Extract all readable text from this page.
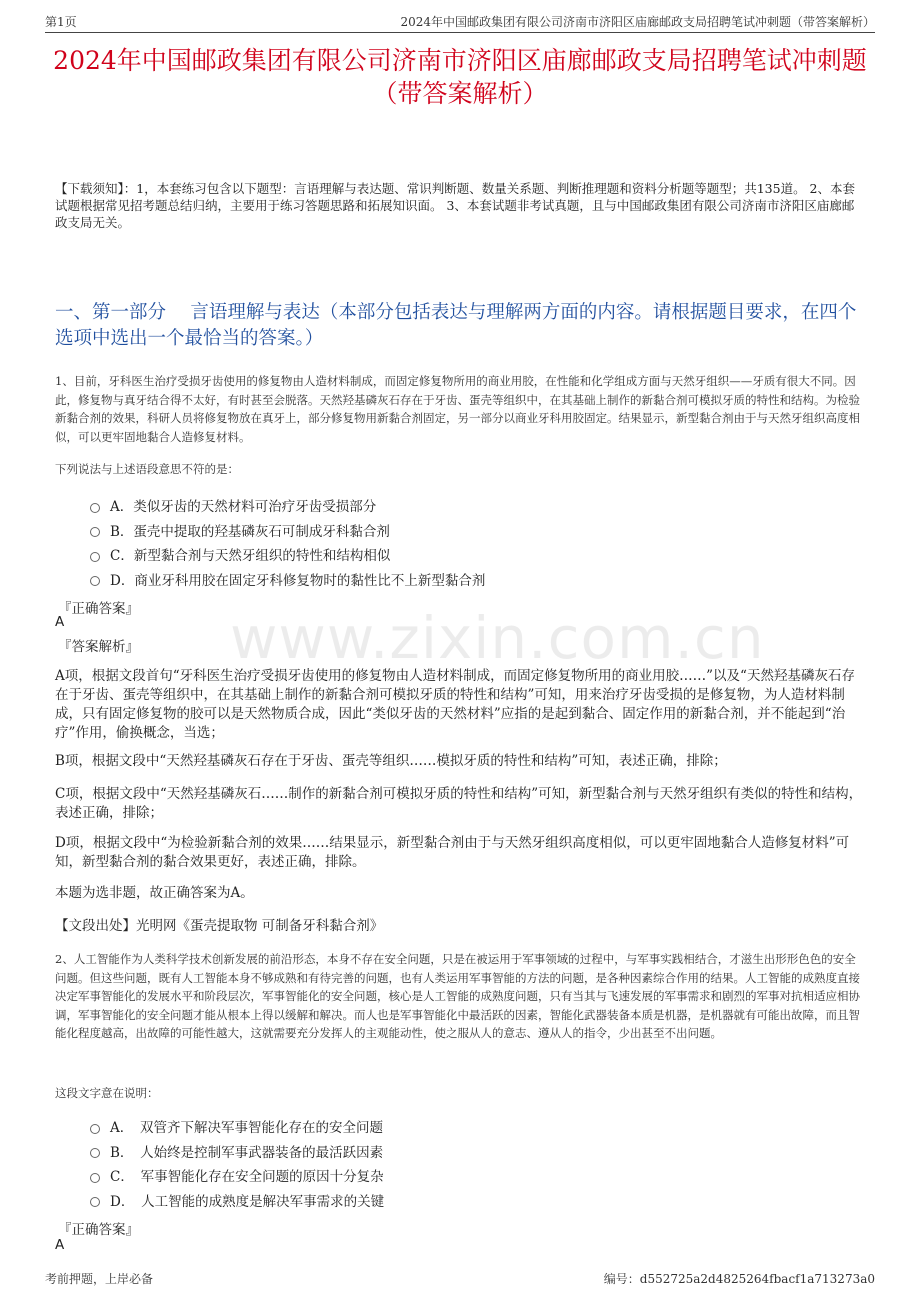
第1页	2024年中国邮政集团有限公司济南市济阳区庙廊邮政支局招聘笔试冲刺题（带答案解析）
2024年中国邮政集团有限公司济南市济阳区庙廊邮政支局招聘笔试冲刺题（带答案解析）
【下载须知】：1，本套练习包含以下题型：言语理解与表达题、常识判断题、数量关系题、判断推理题和资料分析题等题型；共135道。 2、本套试题根据常见招考题总结归纳，主要用于练习答题思路和拓展知识面。 3、本套试题非考试真题，且与中国邮政集团有限公司济南市济阳区庙廊邮政支局无关。
一、第一部分　 言语理解与表达（本部分包括表达与理解两方面的内容。请根据题目要求，在四个选项中选出一个最恰当的答案。）
1、目前，牙科医生治疗受损牙齿使用的修复物由人造材料制成，而固定修复物所用的商业用胶，在性能和化学组成方面与天然牙组织——牙质有很大不同。因此，修复物与真牙结合得不太好，有时甚至会脱落。天然羟基磷灰石存在于牙齿、蛋壳等组织中，在其基础上制作的新黏合剂可模拟牙质的特性和结构。为检验新黏合剂的效果，科研人员将修复物放在真牙上，部分修复物用新黏合剂固定，另一部分以商业牙科用胶固定。结果显示，新型黏合剂由于与天然牙组织高度相似，可以更牢固地黏合人造修复材料。
下列说法与上述语段意思不符的是：
A．类似牙齿的天然材料可治疗牙齿受损部分
B．蛋壳中提取的羟基磷灰石可制成牙科黏合剂
C．新型黏合剂与天然牙组织的特性和结构相似
D．商业牙科用胶在固定牙科修复物时的黏性比不上新型黏合剂
『正确答案』
A
『答案解析』
A项，根据文段首句“牙科医生治疗受损牙齿使用的修复物由人造材料制成，而固定修复物所用的商业用胶……”以及“天然羟基磷灰石存在于牙齿、蛋壳等组织中，在其基础上制作的新黏合剂可模拟牙质的特性和结构”可知，用来治疗牙齿受损的是修复物，为人造材料制成，只有固定修复物的胶可以是天然物质合成，因此“类似牙齿的天然材料”应指的是起到黏合、固定作用的新黏合剂，并不能起到“治疗”作用，偷换概念，当选；
B项，根据文段中“天然羟基磷灰石存在于牙齿、蛋壳等组织……模拟牙质的特性和结构”可知，表述正确，排除；
C项，根据文段中“天然羟基磷灰石……制作的新黏合剂可模拟牙质的特性和结构”可知，新型黏合剂与天然牙组织有类似的特性和结构，表述正确，排除；
D项，根据文段中“为检验新黏合剂的效果……结果显示，新型黏合剂由于与天然牙组织高度相似，可以更牢固地黏合人造修复材料”可知，新型黏合剂的黏合效果更好，表述正确，排除。
本题为选非题，故正确答案为A。
【文段出处】光明网《蛋壳提取物 可制备牙科黏合剂》
2、人工智能作为人类科学技术创新发展的前沿形态，本身不存在安全问题，只是在被运用于军事领域的过程中，与军事实践相结合，才滋生出形形色色的安全问题。但这些问题，既有人工智能本身不够成熟和有待完善的问题，也有人类运用军事智能的方法的问题，是各种因素综合作用的结果。人工智能的成熟度直接决定军事智能化的发展水平和阶段层次，军事智能化的安全问题，核心是人工智能的成熟度问题，只有当其与飞速发展的军事需求和剧烈的军事对抗相适应相协调，军事智能化的安全问题才能从根本上得以缓解和解决。而人也是军事智能化中最活跃的因素，智能化武器装备本质是机器，是机器就有可能出故障，而且智能化程度越高，出故障的可能性越大，这就需要充分发挥人的主观能动性，使之服从人的意志、遵从人的指令，少出甚至不出问题。
这段文字意在说明：
A．　双管齐下解决军事智能化存在的安全问题
B．　人始终是控制军事武器装备的最活跃因素
C．　军事智能化存在安全问题的原因十分复杂
D．　人工智能的成熟度是解决军事需求的关键
『正确答案』
A
www.zixin.com.cn
考前押题，上岸必备	编号：d552725a2d4825264fbacf1a713273a0
